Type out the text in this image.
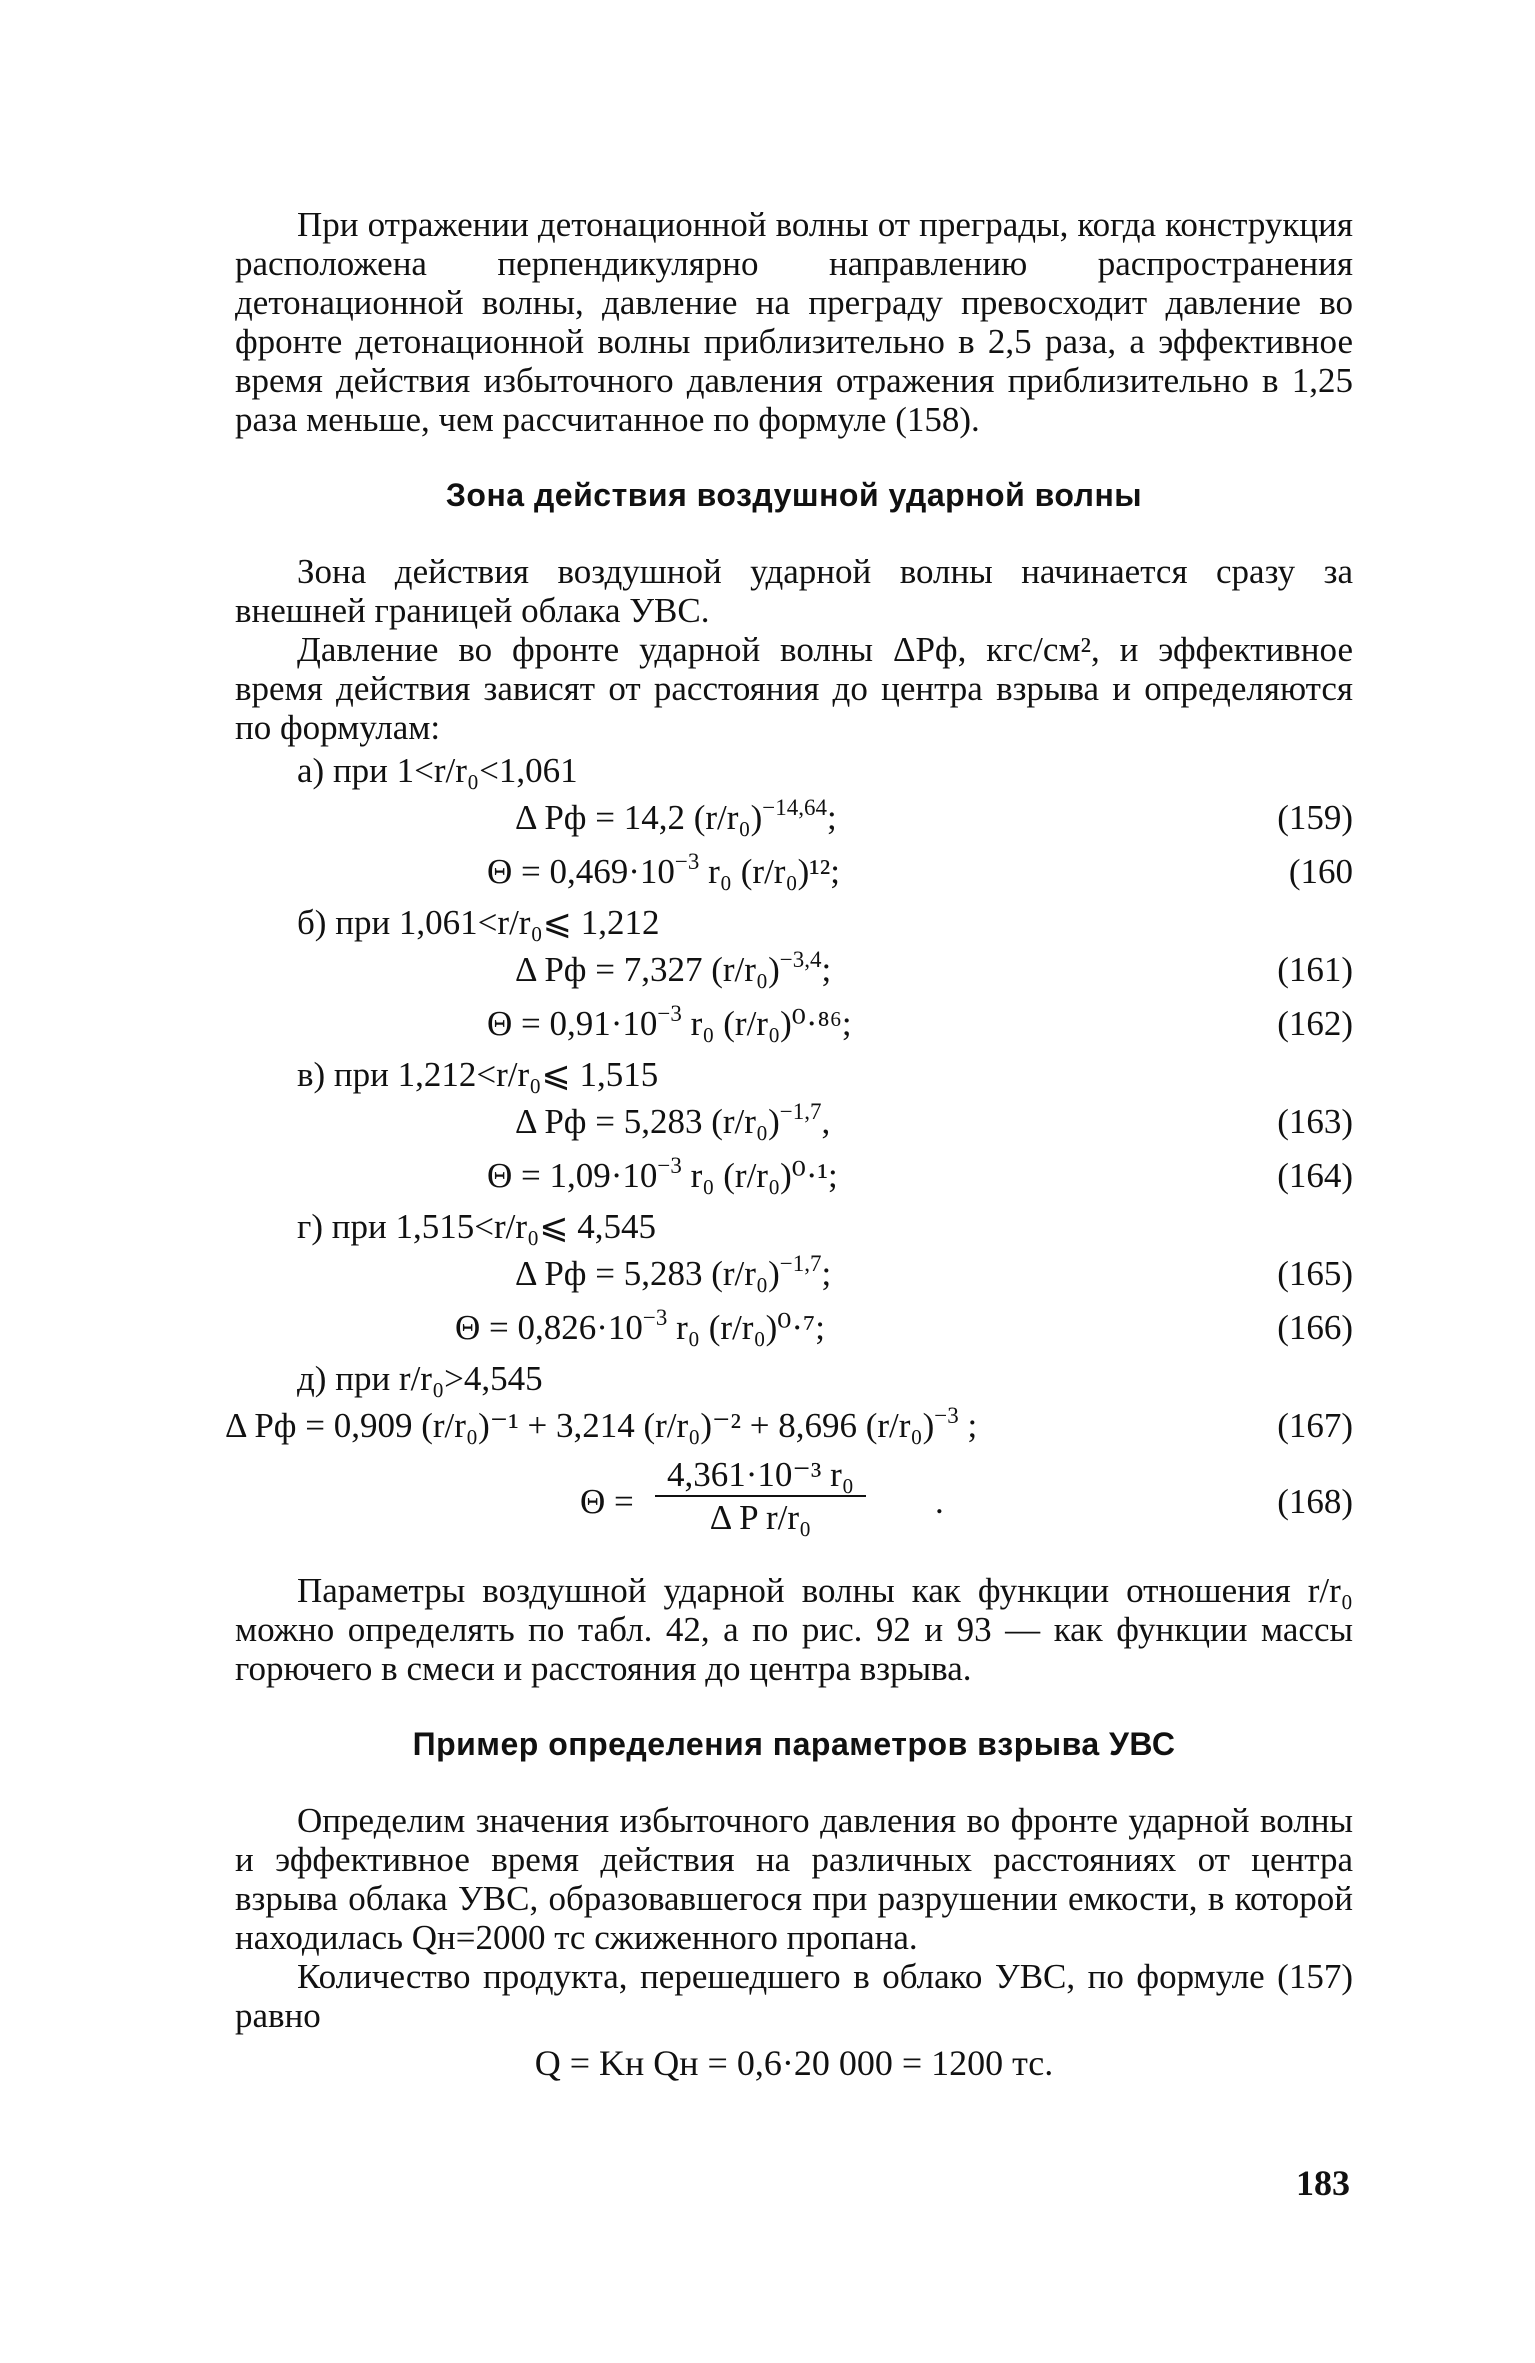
При отражении детонационной волны от преграды, когда конструкция расположена перпендикулярно направлению распространения детонационной волны, давление на преграду превосходит давление во фронте детонационной волны приблизительно в 2,5 раза, а эффективное время действия избыточного давления отражения приблизительно в 1,25 раза меньше, чем рассчитанное по формуле (158).

Зона действия воздушной ударной волны

Зона действия воздушной ударной волны начинается сразу за внешней границей облака УВС.

Давление во фронте ударной волны ΔPф, кгс/см², и эффективное время действия зависят от расстояния до центра взрыва и определяются по формулам:

а) при 1<r/r₀<1,061
Δ Pф = 14,2 $(r/r_0)^{-14,64}$;	(159)
$\Theta = 0,469\cdot 10^{-3}$ r₀ (r/r₀)¹²;	(160
б) при 1,061<r/r₀⩽ 1,212
Δ Pф = 7,327 $(r/r_0)^{-3,4}$;	(161)
$\Theta = 0,91\cdot 10^{-3}$ r₀ (r/r₀)⁰·⁸⁶;	(162)
в) при 1,212<r/r₀⩽ 1,515
Δ Pф = 5,283 $(r/r_0)^{-1,7}$,	(163)
$\Theta = 1,09\cdot 10^{-3}$ r₀ (r/r₀)⁰·¹;	(164)
г) при 1,515<r/r₀⩽ 4,545
Δ Pф = 5,283 $(r/r_0)^{-1,7}$;	(165)
$\Theta = 0,826\cdot 10^{-3}$ r₀ (r/r₀)⁰·⁷;	(166)
д) при r/r₀>4,545
Δ Pф = 0,909 (r/r₀)⁻¹ + 3,214 (r/r₀)⁻² + 8,696 $(r/r_0)^{-3}$ ;	(167)
$\Theta = \frac{\text{4,361·10⁻³ r₀}}{\text{Δ P r/r₀}}$ .	(168)

Параметры воздушной ударной волны как функции отношения r/r₀ можно определять по табл. 42, а по рис. 92 и 93 — как функции массы горючего в смеси и расстояния до центра взрыва.

Пример определения параметров взрыва УВС

Определим значения избыточного давления во фронте ударной волны и эффективное время действия на различных расстояниях от центра взрыва облака УВС, образовавшегося при разрушении емкости, в которой находилась Qн=2000 тс сжиженного пропана.

Количество продукта, перешедшего в облако УВС, по формуле (157) равно

Q = Kн Qн = 0,6·20 000 = 1200 тс.
183
